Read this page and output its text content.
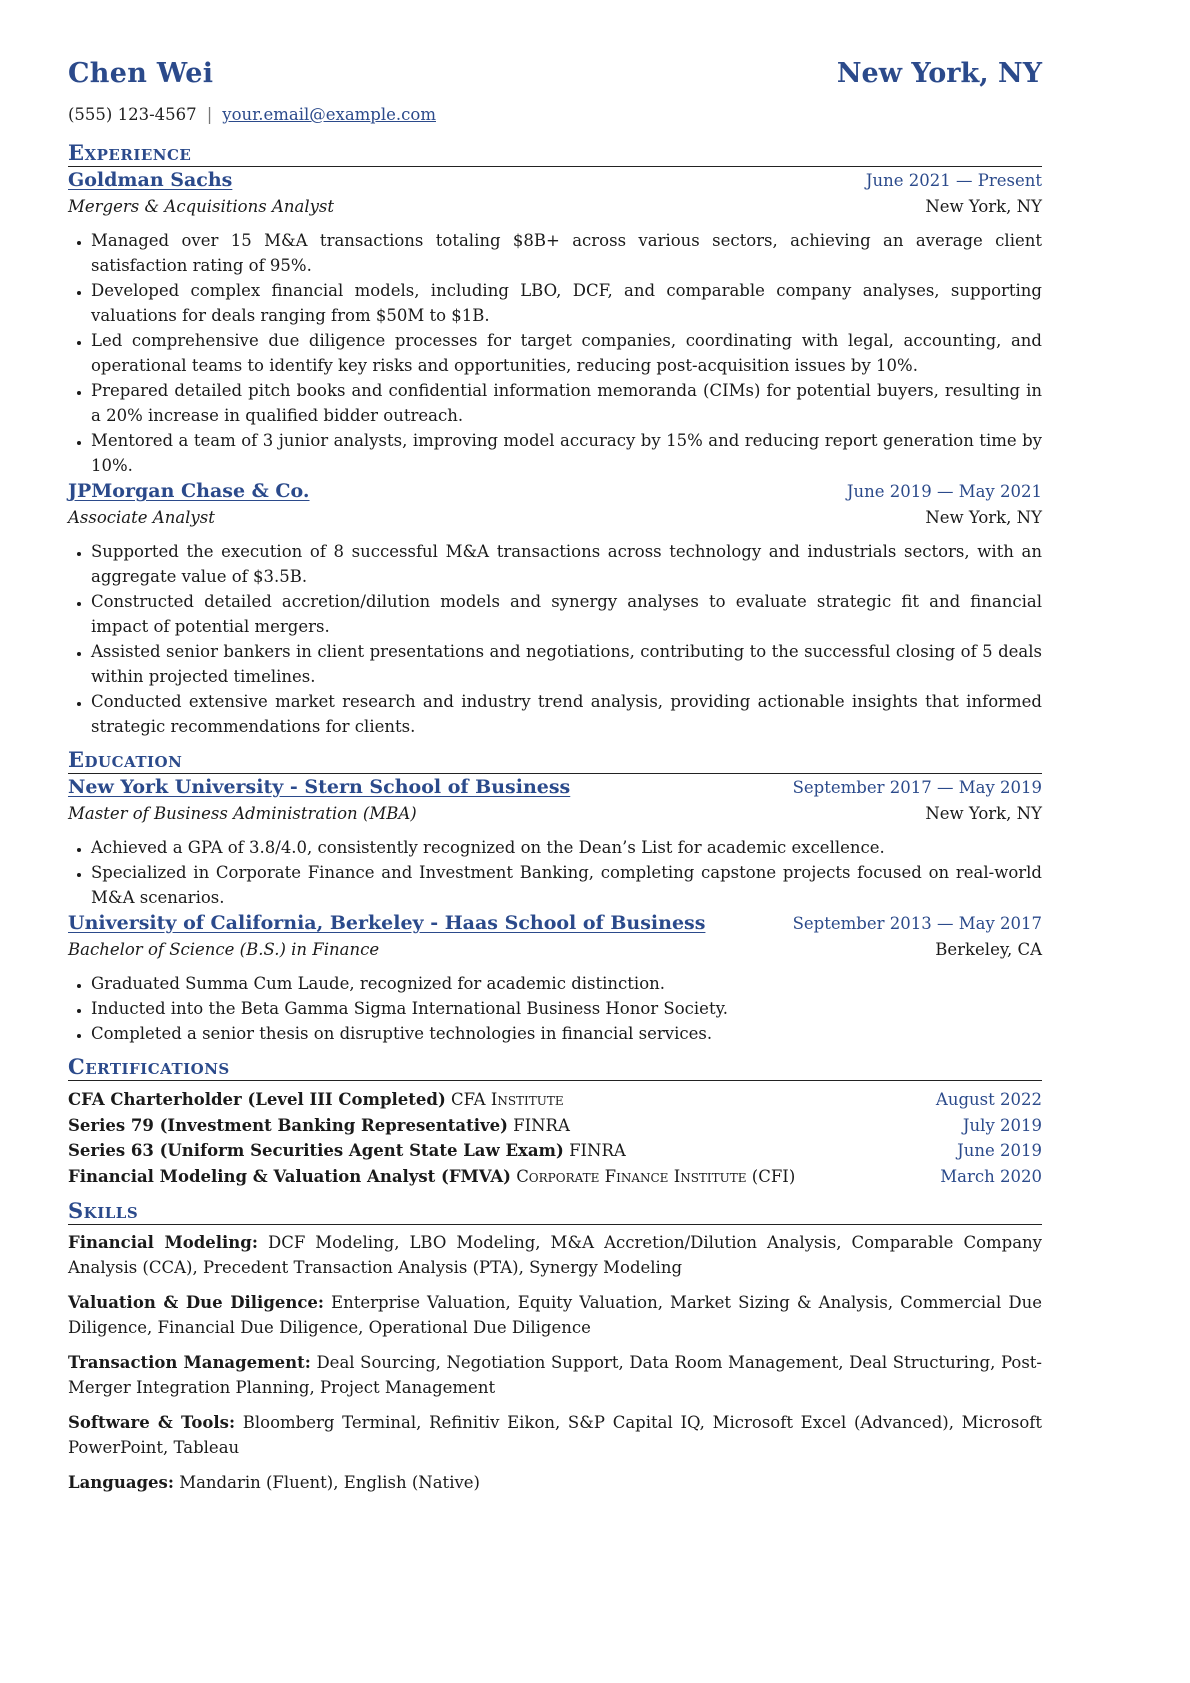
Chen Wei	New York, NY
(555) 123-4567 | your.email@example.com
Experience
Goldman Sachs	June 2021 — Present
Mergers & Acquisitions Analyst	New York, NY
• Managed over 15 M&A transactions totaling $8B+ across various sectors, achieving an average client satisfaction rating of 95%.
• Developed complex financial models, including LBO, DCF, and comparable company analyses, supporting valuations for deals ranging from $50M to $1B.
• Led comprehensive due diligence processes for target companies, coordinating with legal, accounting, and operational teams to identify key risks and opportunities, reducing post-acquisition issues by 10%.
• Prepared detailed pitch books and confidential information memoranda (CIMs) for potential buyers, resulting in a 20% increase in qualified bidder outreach.
• Mentored a team of 3 junior analysts, improving model accuracy by 15% and reducing report generation time by 10%.
JPMorgan Chase & Co.	June 2019 — May 2021
Associate Analyst	New York, NY
• Supported the execution of 8 successful M&A transactions across technology and industrials sectors, with an aggregate value of $3.5B.
• Constructed detailed accretion/dilution models and synergy analyses to evaluate strategic fit and financial impact of potential mergers.
• Assisted senior bankers in client presentations and negotiations, contributing to the successful closing of 5 deals within projected timelines.
• Conducted extensive market research and industry trend analysis, providing actionable insights that informed strategic recommendations for clients.
Education
New York University - Stern School of Business	September 2017 — May 2019
Master of Business Administration (MBA)	New York, NY
• Achieved a GPA of 3.8/4.0, consistently recognized on the Dean’s List for academic excellence.
• Specialized in Corporate Finance and Investment Banking, completing capstone projects focused on real-world M&A scenarios.
University of California, Berkeley - Haas School of Business	September 2013 — May 2017
Bachelor of Science (B.S.) in Finance	Berkeley, CA
• Graduated Summa Cum Laude, recognized for academic distinction.
• Inducted into the Beta Gamma Sigma International Business Honor Society.
• Completed a senior thesis on disruptive technologies in financial services.
Certifications
CFA Charterholder (Level III Completed) CFA Institute	August 2022
Series 79 (Investment Banking Representative) FINRA	July 2019
Series 63 (Uniform Securities Agent State Law Exam) FINRA	June 2019
Financial Modeling & Valuation Analyst (FMVA) Corporate Finance Institute (CFI)	March 2020
Skills
Financial Modeling: DCF Modeling, LBO Modeling, M&A Accretion/Dilution Analysis, Comparable Company Analysis (CCA), Precedent Transaction Analysis (PTA), Synergy Modeling
Valuation & Due Diligence: Enterprise Valuation, Equity Valuation, Market Sizing & Analysis, Commercial Due Diligence, Financial Due Diligence, Operational Due Diligence
Transaction Management: Deal Sourcing, Negotiation Support, Data Room Management, Deal Structuring, Post-Merger Integration Planning, Project Management
Software & Tools: Bloomberg Terminal, Refinitiv Eikon, S&P Capital IQ, Microsoft Excel (Advanced), Microsoft PowerPoint, Tableau
Languages: Mandarin (Fluent), English (Native)
